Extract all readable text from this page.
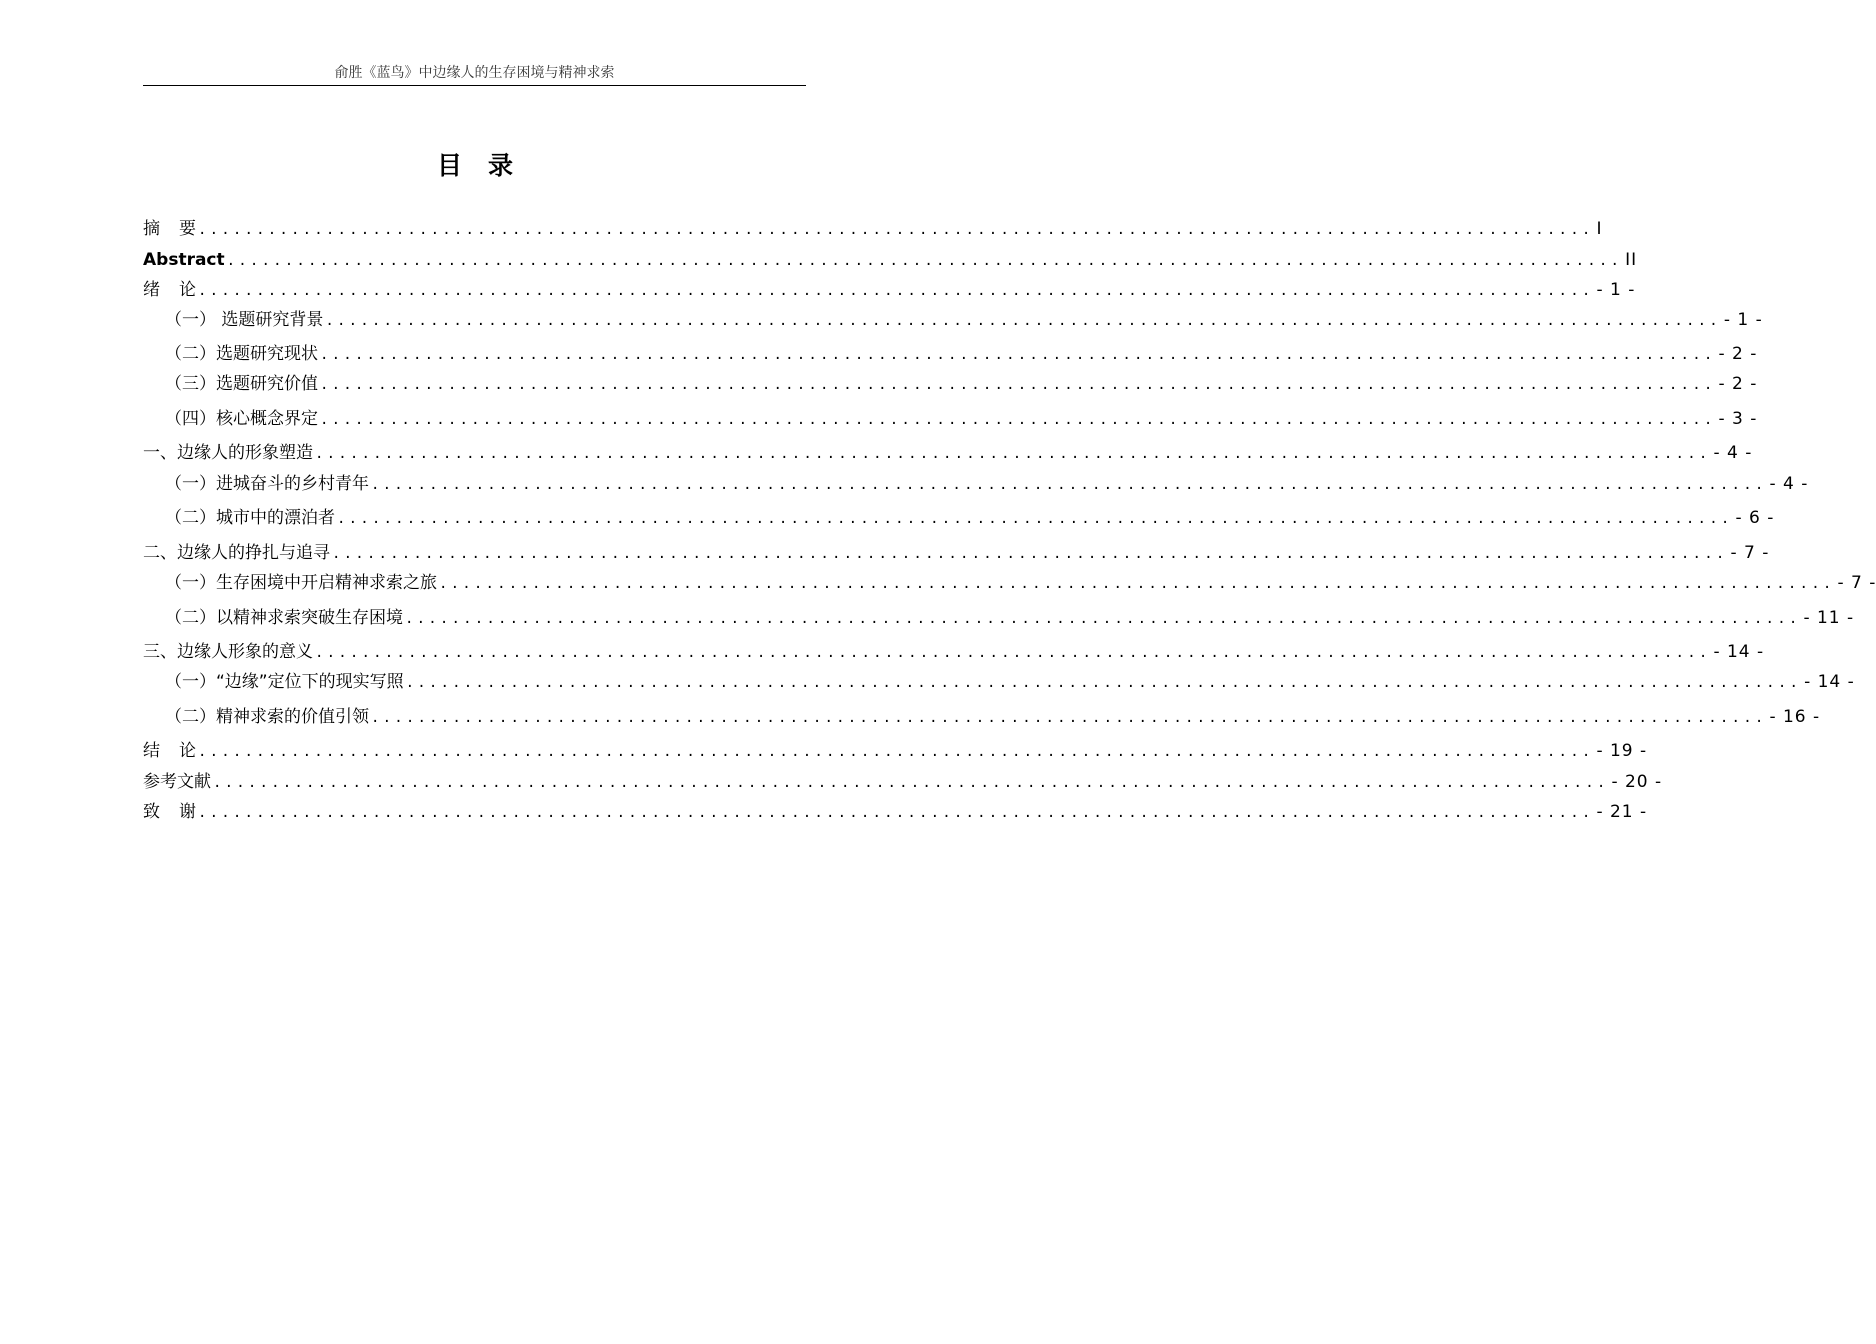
俞胜《蓝鸟》中边缘人的生存困境与精神求索
目录
摘要 ........................................................................................................................ I
Abstract ........................................................................................................................ II
绪论 ........................................................................................................................ - 1 -
（一） 选题研究背景 ........................................................................................................................ - 1 -
（二）选题研究现状 ........................................................................................................................ - 2 -
（三）选题研究价值 ........................................................................................................................ - 2 -
（四）核心概念界定 ........................................................................................................................ - 3 -
一、边缘人的形象塑造 ........................................................................................................................ - 4 -
（一）进城奋斗的乡村青年 ........................................................................................................................ - 4 -
（二）城市中的漂泊者 ........................................................................................................................ - 6 -
二、边缘人的挣扎与追寻 ........................................................................................................................ - 7 -
（一）生存困境中开启精神求索之旅 ........................................................................................................................ - 7 -
（二）以精神求索突破生存困境 ........................................................................................................................ - 11 -
三、边缘人形象的意义 ........................................................................................................................ - 14 -
（一）“边缘”定位下的现实写照 ........................................................................................................................ - 14 -
（二）精神求索的价值引领 ........................................................................................................................ - 16 -
结论 ........................................................................................................................ - 19 -
参考文献 ........................................................................................................................ - 20 -
致谢 ........................................................................................................................ - 21 -
